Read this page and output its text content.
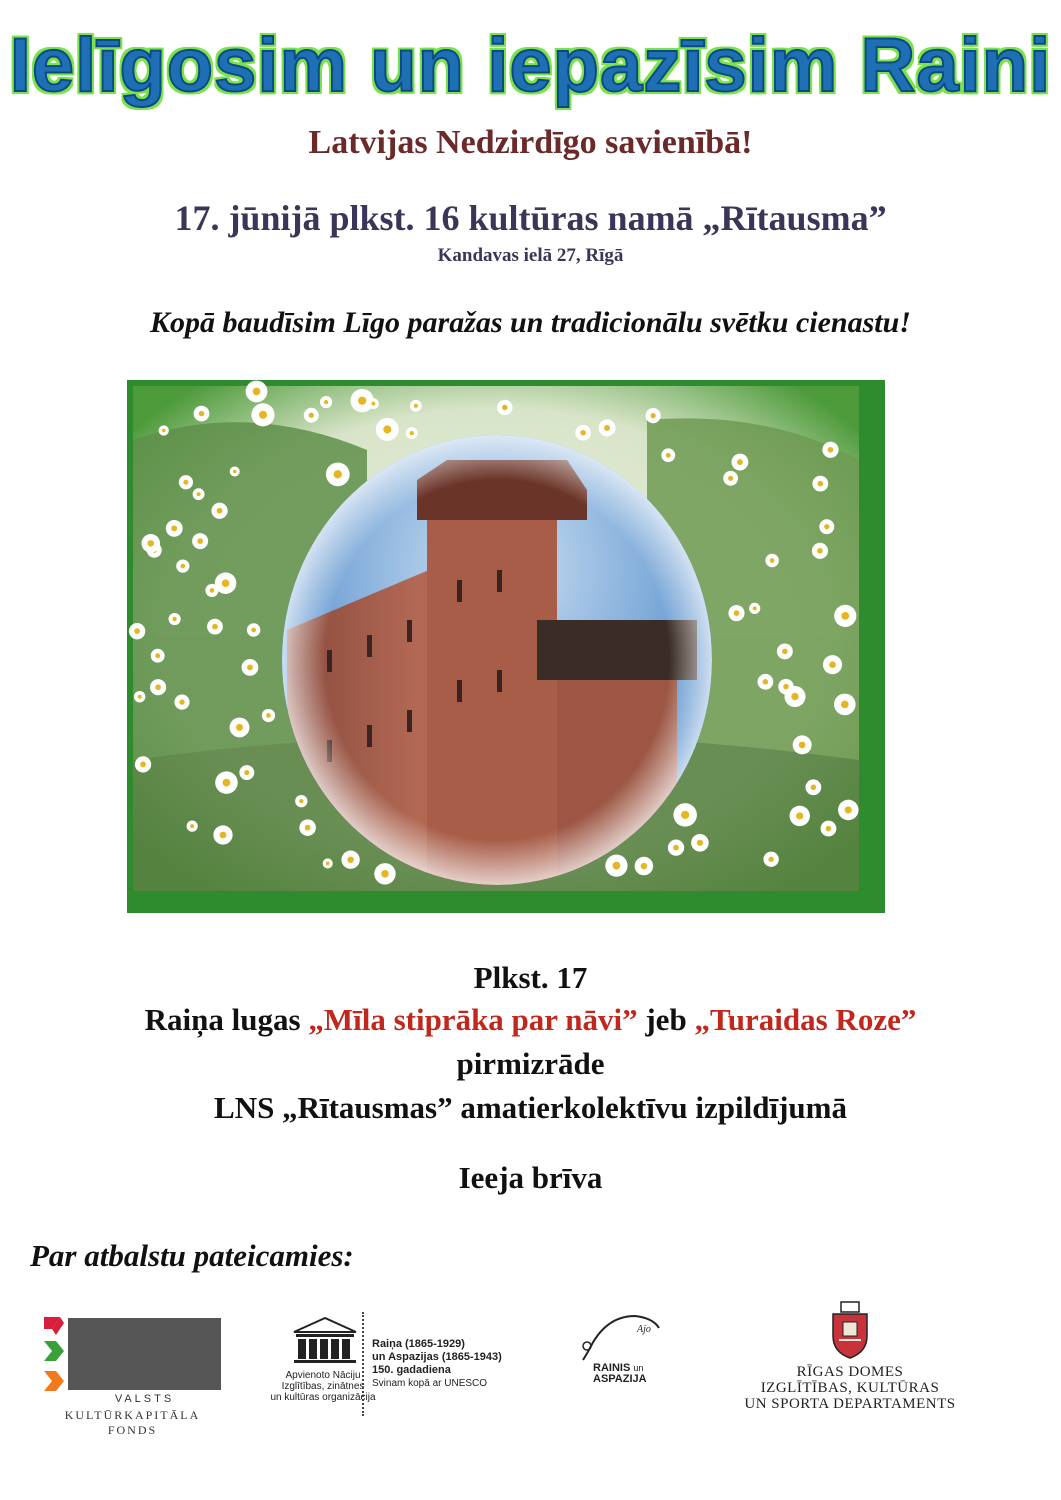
Ielīgosim un iepazīsim Raini
Latvijas Nedzirdīgo savienībā!
17. jūnijā plkst. 16 kultūras namā „Rītausma”
Kandavas ielā 27, Rīgā
Kopā baudīsim Līgo paražas un tradicionālu svētku cienastu!
Plkst. 17
Raiņa lugas „Mīla stiprāka par nāvi” jeb „Turaidas Roze”
pirmizrāde
LNS „Rītausmas” amatierkolektīvu izpildījumā
Ieeja brīva
Par atbalstu pateicamies:
VALSTS
KULTŪRKAPITĀLA FONDS
Apvienoto Nāciju
Izglītības, zinātnes
un kultūras organizācija
Raiņa (1865-1929)
un Aspazijas (1865-1943)
150. gadadiena
Svinam kopā ar UNESCO
Ajo
RAINIS un
ASPAZIJA	RĪGAS DOMES
IZGLĪTĪBAS, KULTŪRAS
UN SPORTA DEPARTAMENTS
